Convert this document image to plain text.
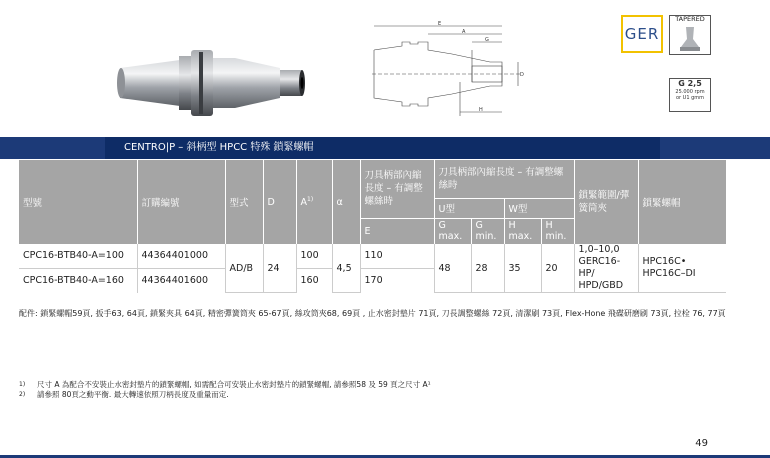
E
A
G
D
H
GER
TAPERED
G 2,5
25.000 rpm
or U1 gmm
CENTRO|P – 斜柄型 HPCC 特殊 鎖緊螺帽
型號	訂購編號	型式	D	$A^{1)}$	α	刀具柄部內縮長度 – 有調整螺絲時	刀具柄部內縮長度 – 有調整螺絲時				鎖緊範圍/彈簧筒夾	鎖緊螺帽
							U型		W型			
						E	G max.	G min.	H max.	H min.		
CPC16-BTB40-A=100	44364401000	AD/B	24	100	4,5	110	48	28	35	20	1,0–10,0 GERC16-HP/ HPD/GBD	HPC16C• HPC16C–DI
CPC16-BTB40-A=160	44364401600			160		170						
配件: 鎖緊螺帽59頁, 扳手63, 64頁, 鎖緊夾具 64頁, 精密彈簧筒夾 65-67頁, 絲攻筒夾68, 69頁 , 止水密封墊片 71頁, 刀長調整螺絲 72頁, 清潔刷 73頁, Flex-Hone 飛碟研磨刷 73頁, 拉栓 76, 77頁
1) 尺寸 A 為配合不安裝止水密封墊片的鎖緊螺帽, 如需配合可安裝止水密封墊片的鎖緊螺帽, 請參照58 及 59 頁之尺寸 A¹
2) 請參照 80頁之動平衡. 最大轉速依照刀柄長度及重量而定.
49
